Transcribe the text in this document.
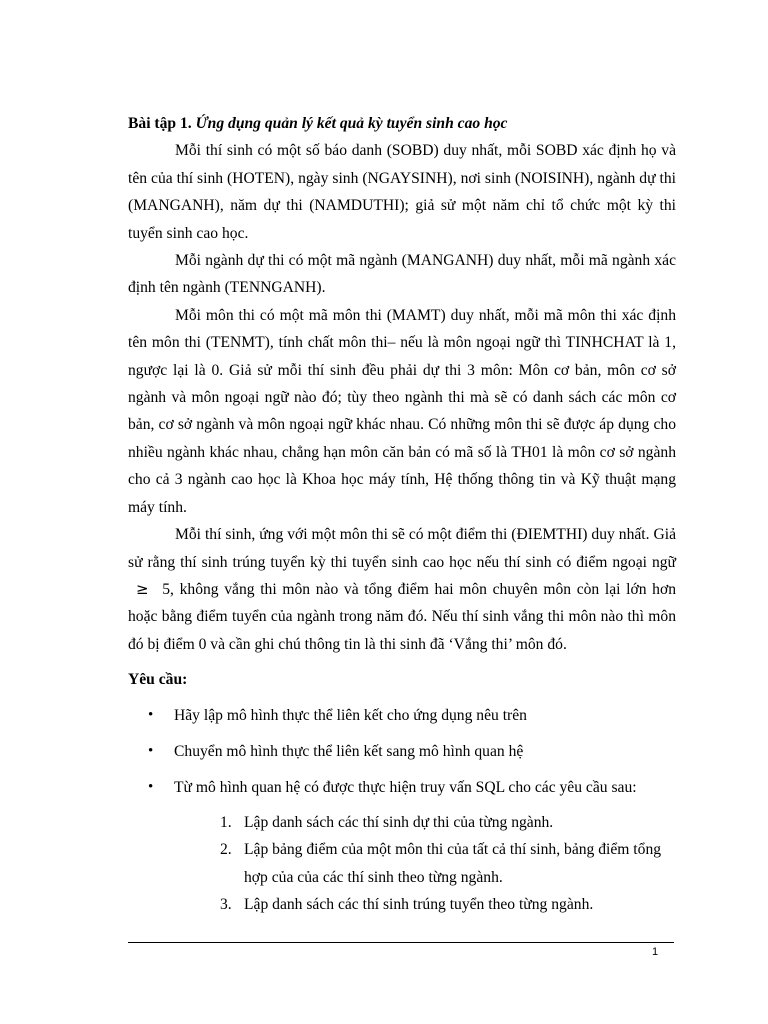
Bài tập 1. Ứng dụng quản lý kết quả kỳ tuyển sinh cao học

Mỗi thí sinh có một số báo danh (SOBD) duy nhất, mỗi SOBD xác định họ và tên của thí sinh (HOTEN), ngày sinh (NGAYSINH), nơi sinh (NOISINH), ngành dự thi (MANGANH), năm dự thi (NAMDUTHI); giả sử một năm chỉ tổ chức một kỳ thi tuyển sinh cao học.

Mỗi ngành dự thi có một mã ngành (MANGANH) duy nhất, mỗi mã ngành xác định tên ngành (TENNGANH).

Mỗi môn thi có một mã môn thi (MAMT) duy nhất, mỗi mã môn thi xác định tên môn thi (TENMT), tính chất môn thi– nếu là môn ngoại ngữ thì TINHCHAT là 1, ngược lại là 0. Giả sử mỗi thí sinh đều phải dự thi 3 môn: Môn cơ bản, môn cơ sở ngành và môn ngoại ngữ nào đó; tùy theo ngành thi mà sẽ có danh sách các môn cơ bản, cơ sở ngành và môn ngoại ngữ khác nhau. Có những môn thi sẽ được áp dụng cho nhiều ngành khác nhau, chẳng hạn môn căn bản có mã số là TH01 là môn cơ sở ngành cho cả 3 ngành cao học là Khoa học máy tính, Hệ thống thông tin và Kỹ thuật mạng máy tính.

Mỗi thí sinh, ứng với một môn thi sẽ có một điểm thi (ĐIEMTHI) duy nhất. Giả sử rằng thí sinh trúng tuyển kỳ thi tuyển sinh cao học nếu thí sinh có điểm ngoại ngữ ≥ 5, không vắng thi môn nào và tổng điểm hai môn chuyên môn còn lại lớn hơn hoặc bằng điểm tuyển của ngành trong năm đó. Nếu thí sinh vắng thi môn nào thì môn đó bị điểm 0 và cần ghi chú thông tin là thi sinh đã ‘Vắng thi’ môn đó.

Yêu cầu:

• Hãy lập mô hình thực thể liên kết cho ứng dụng nêu trên
• Chuyển mô hình thực thể liên kết sang mô hình quan hệ
• Từ mô hình quan hệ có được thực hiện truy vấn SQL cho các yêu cầu sau:
1. Lập danh sách các thí sinh dự thi của từng ngành.
2. Lập bảng điểm của một môn thi của tất cả thí sinh, bảng điểm tổng hợp của của các thí sinh theo từng ngành.
3. Lập danh sách các thí sinh trúng tuyển theo từng ngành.
1
